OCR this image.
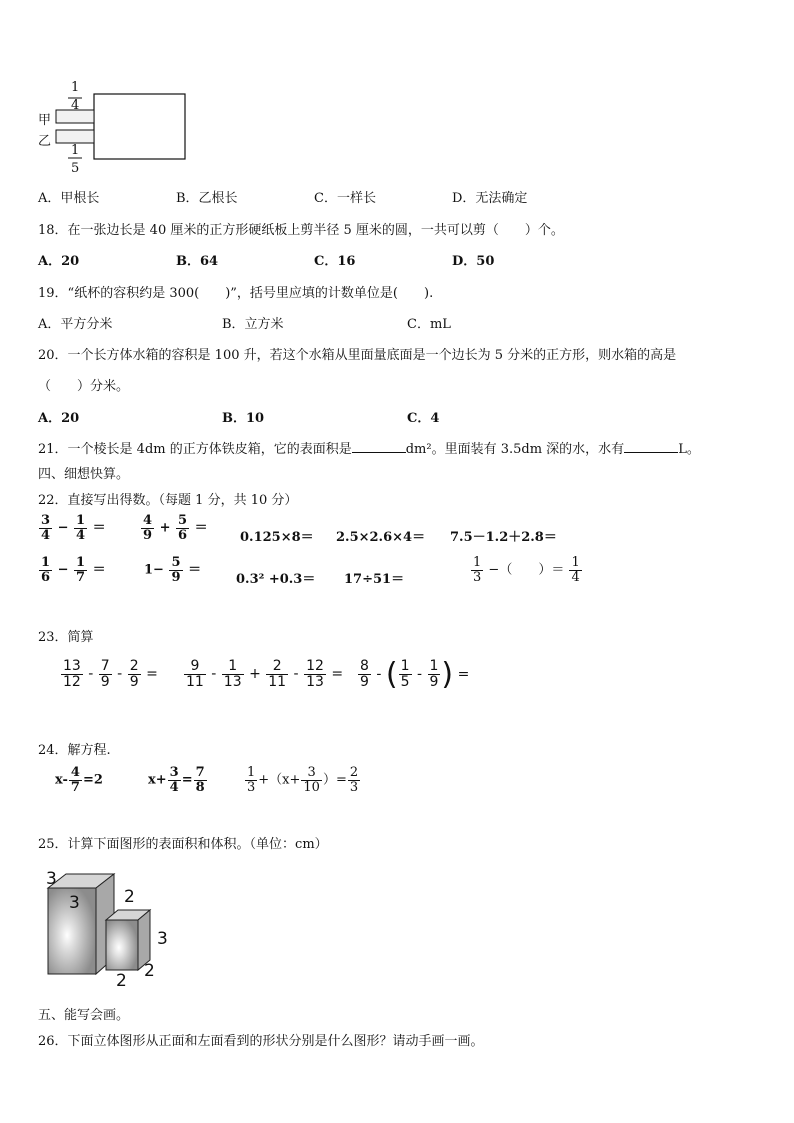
1
4
甲
乙
1
5
A．甲根长	B．乙根长	C．一样长	D．无法确定
18．在一张边长是 40 厘米的正方形硬纸板上剪半径 5 厘米的圆，一共可以剪（　　）个。
A．20	B．64	C．16	D．50
19．“纸杯的容积约是 300(　　)”，括号里应填的计数单位是(　　).
A．平方分米	B．立方米	C．mL
20．一个长方体水箱的容积是 100 升，若这个水箱从里面量底面是一个边长为 5 分米的正方形，则水箱的高是
（　　）分米。
A．20	B．10	C．4
21．一个棱长是 4dm 的正方体铁皮箱，它的表面积是	dm²。里面装有 3.5dm 深的水，水有	L。
四、细想快算。
22．直接写出得数。（每题 1 分，共 10 分）
$\frac{3}{4} - \frac{1}{4}$ ＝	$\frac{4}{9} + \frac{5}{6}$ ＝
0.125×8＝ 2.5×2.6×4＝ 7.5－1.2＋2.8＝
$\frac{1}{6} - \frac{1}{7}$ ＝	$1- \frac{5}{9}$ ＝
0.3² +0.3＝ 17÷51＝	$\frac{1}{3}$ −（　　）＝ $\frac{1}{4}$
23．简算
$\frac{13}{12} - \frac{7}{9} - \frac{2}{9} = \frac{9}{11} - \frac{1}{13} + \frac{2}{11} - \frac{12}{13} = \frac{8}{9}$ - ( $\frac{1}{5} - \frac{1}{9}$ ) =
24．解方程.
$x- \frac{4}{7} =2$	$x+ \frac{3}{4} = \frac{7}{8}$	$\frac{1}{3} +(x+ \frac{3}{10}$ ）= $\frac{2}{3}$
25．计算下面图形的表面积和体积。（单位：cm）
3
3	2
3
2 2
五、能写会画。
26．下面立体图形从正面和左面看到的形状分别是什么图形？请动手画一画。
